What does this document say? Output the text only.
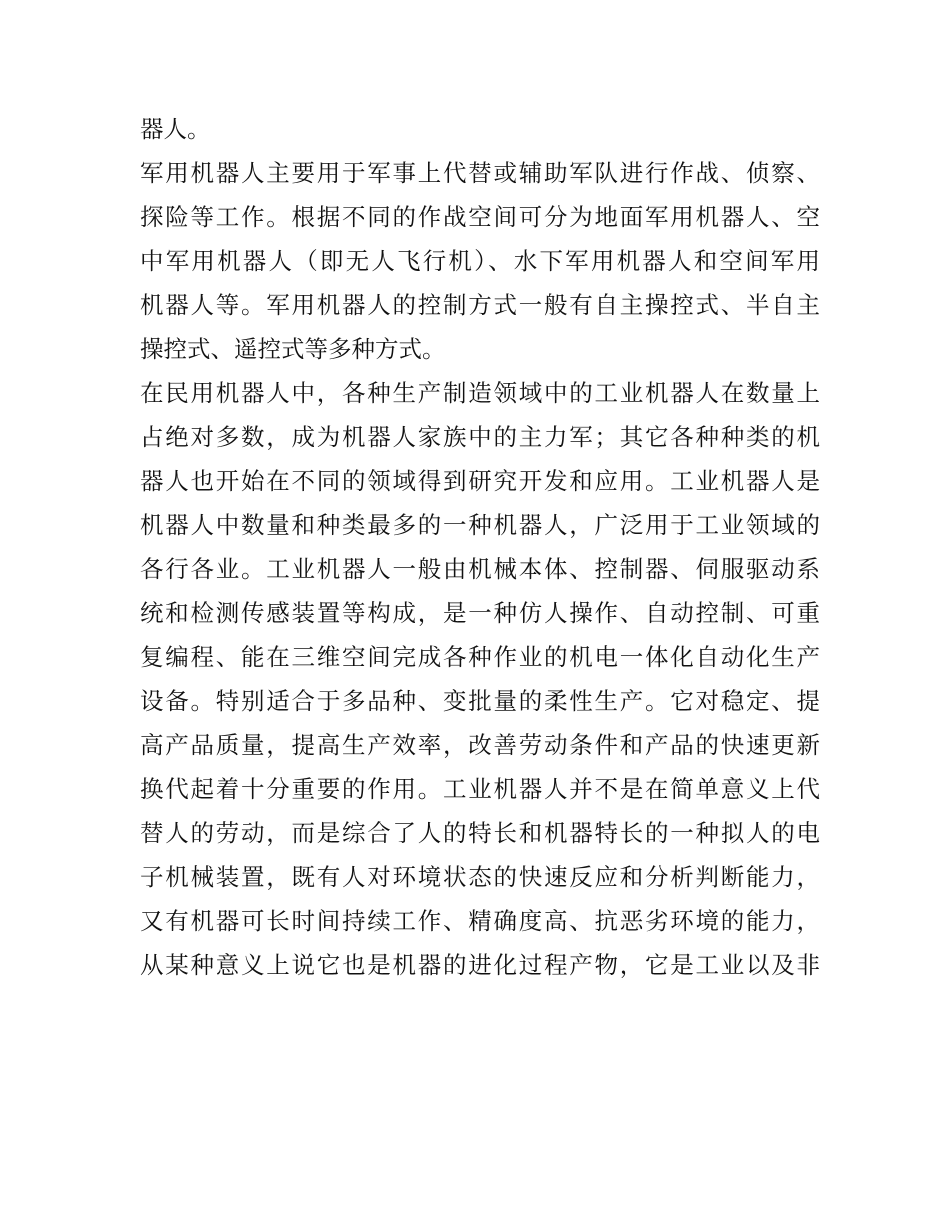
器人。
军用机器人主要用于军事上代替或辅助军队进行作战、侦察、
探险等工作。根据不同的作战空间可分为地面军用机器人、空
中军用机器人（即无人飞行机）、水下军用机器人和空间军用
机器人等。军用机器人的控制方式一般有自主操控式、半自主
操控式、遥控式等多种方式。
在民用机器人中，各种生产制造领域中的工业机器人在数量上
占绝对多数，成为机器人家族中的主力军；其它各种种类的机
器人也开始在不同的领域得到研究开发和应用。工业机器人是
机器人中数量和种类最多的一种机器人，广泛用于工业领域的
各行各业。工业机器人一般由机械本体、控制器、伺服驱动系
统和检测传感装置等构成，是一种仿人操作、自动控制、可重
复编程、能在三维空间完成各种作业的机电一体化自动化生产
设备。特别适合于多品种、变批量的柔性生产。它对稳定、提
高产品质量，提高生产效率，改善劳动条件和产品的快速更新
换代起着十分重要的作用。工业机器人并不是在简单意义上代
替人的劳动，而是综合了人的特长和机器特长的一种拟人的电
子机械装置，既有人对环境状态的快速反应和分析判断能力，
又有机器可长时间持续工作、精确度高、抗恶劣环境的能力，
从某种意义上说它也是机器的进化过程产物，它是工业以及非
